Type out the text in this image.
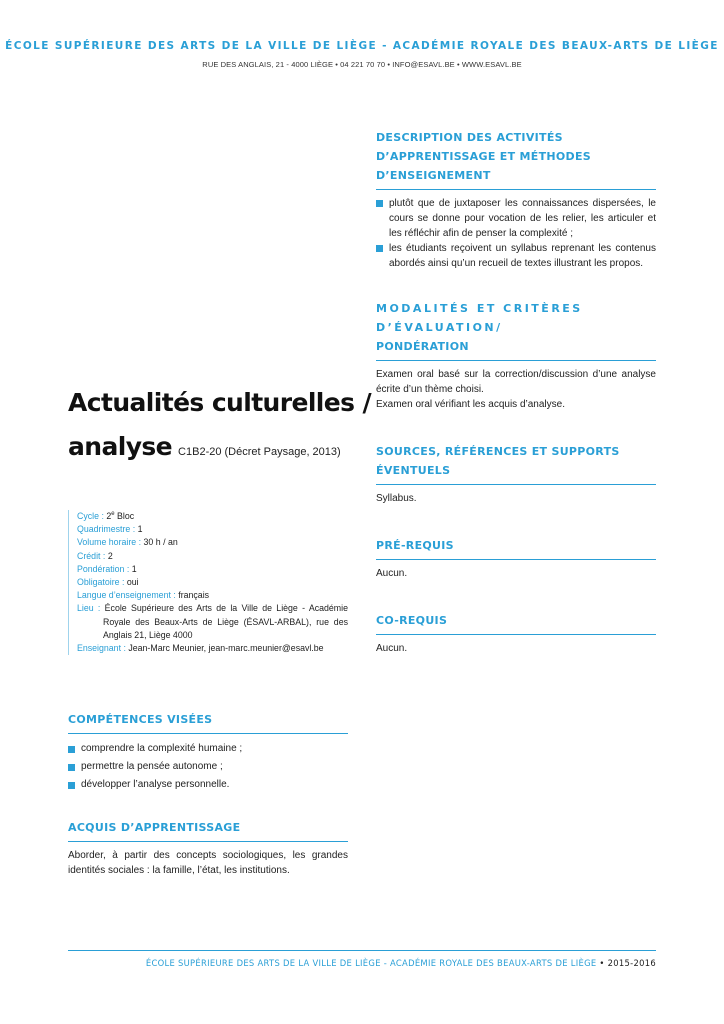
ÉCOLE SUPÉRIEURE DES ARTS DE LA VILLE DE LIÈGE - ACADÉMIE ROYALE DES BEAUX-ARTS DE LIÈGE
RUE DES ANGLAIS, 21 - 4000 LIÈGE • 04 221 70 70 • INFO@ESAVL.BE • WWW.ESAVL.BE
DESCRIPTION DES ACTIVITÉS D’APPRENTISSAGE ET MÉTHODES D’ENSEIGNEMENT
plutôt que de juxtaposer les connaissances dispersées, le cours se donne pour vocation de les relier, les articuler et les réfléchir afin de penser la complexité ;
les étudiants reçoivent un syllabus reprenant les contenus abordés ainsi qu’un recueil de textes illustrant les propos.
MODALITÉS ET CRITÈRES D’ÉVALUATION/
PONDÉRATION
Examen oral basé sur la correction/discussion d’une analyse écrite d’un thème choisi.
Examen oral vérifiant les acquis d’analyse.
SOURCES, RÉFÉRENCES ET SUPPORTS ÉVENTUELS
Syllabus.
PRÉ-REQUIS
Aucun.
CO-REQUIS
Aucun.
Actualités culturelles /
analyse C1B2-20 (Décret Paysage, 2013)
Cycle : 2e Bloc
Quadrimestre : 1
Volume horaire : 30 h / an
Crédit : 2
Pondération : 1
Obligatoire : oui
Langue d’enseignement : français
Lieu : École Supérieure des Arts de la Ville de Liège - Académie Royale des Beaux-Arts de Liège (ÉSAVL-ARBAL), rue des Anglais 21, Liège 4000
Enseignant : Jean-Marc Meunier, jean-marc.meunier@esavl.be
COMPÉTENCES VISÉES
comprendre la complexité humaine ;
permettre la pensée autonome ;
développer l’analyse personnelle.
ACQUIS D’APPRENTISSAGE
Aborder, à partir des concepts sociologiques, les grandes identités sociales : la famille, l’état, les institutions.
ÉCOLE SUPÉRIEURE DES ARTS DE LA VILLE DE LIÈGE - ACADÉMIE ROYALE DES BEAUX-ARTS DE LIÈGE • 2015-2016
